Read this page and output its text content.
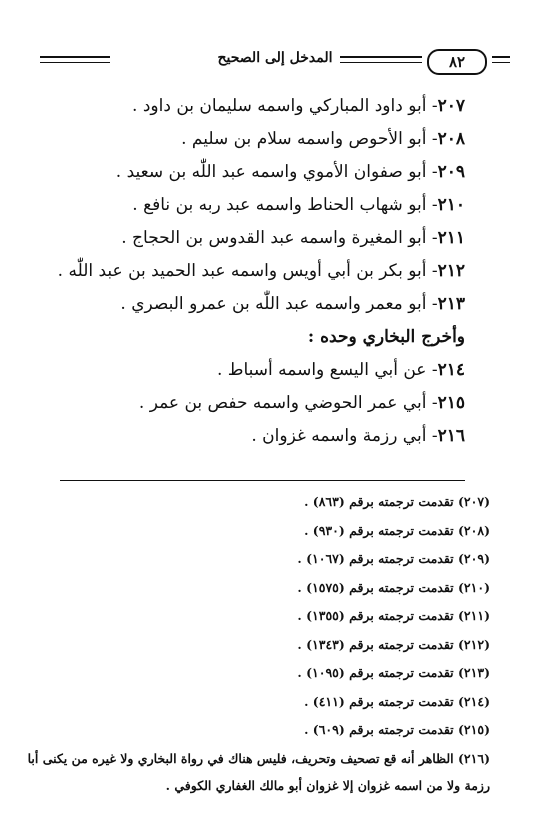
٨٢
المدخل إلى الصحيح
٢٠٧- أبو داود المباركي واسمه سليمان بن داود .
٢٠٨- أبو الأحوص واسمه سلام بن سليم .
٢٠٩- أبو صفوان الأموي واسمه عبد اللّٰه بن سعيد .
٢١٠- أبو شهاب الحناط واسمه عبد ربه بن نافع .
٢١١- أبو المغيرة واسمه عبد القدوس بن الحجاج .
٢١٢- أبو بكر بن أبي أويس واسمه عبد الحميد بن عبد اللّٰه .
٢١٣- أبو معمر واسمه عبد اللّٰه بن عمرو البصري .
وأخرج البخاري وحده :
٢١٤- عن أبي اليسع واسمه أسباط .
٢١٥- أبي عمر الحوضي واسمه حفص بن عمر .
٢١٦- أبي رزمة واسمه غزوان .
(٢٠٧) تقدمت ترجمته برقم (٨٦٣) .
(٢٠٨) تقدمت ترجمته برقم (٩٣٠) .
(٢٠٩) تقدمت ترجمته برقم (١٠٦٧) .
(٢١٠) تقدمت ترجمته برقم (١٥٧٥) .
(٢١١) تقدمت ترجمته برقم (١٣٥٥) .
(٢١٢) تقدمت ترجمته برقم (١٣٤٣) .
(٢١٣) تقدمت ترجمته برقم (١٠٩٥) .
(٢١٤) تقدمت ترجمته برقم (٤١١) .
(٢١٥) تقدمت ترجمته برقم (٦٠٩) .
(٢١٦) الظاهر أنه قع تصحيف وتحريف، فليس هناك في رواة البخاري ولا غيره من يكنى أبا
رزمة ولا من اسمه غزوان إلا غزوان أبو مالك الغفاري الكوفي .
